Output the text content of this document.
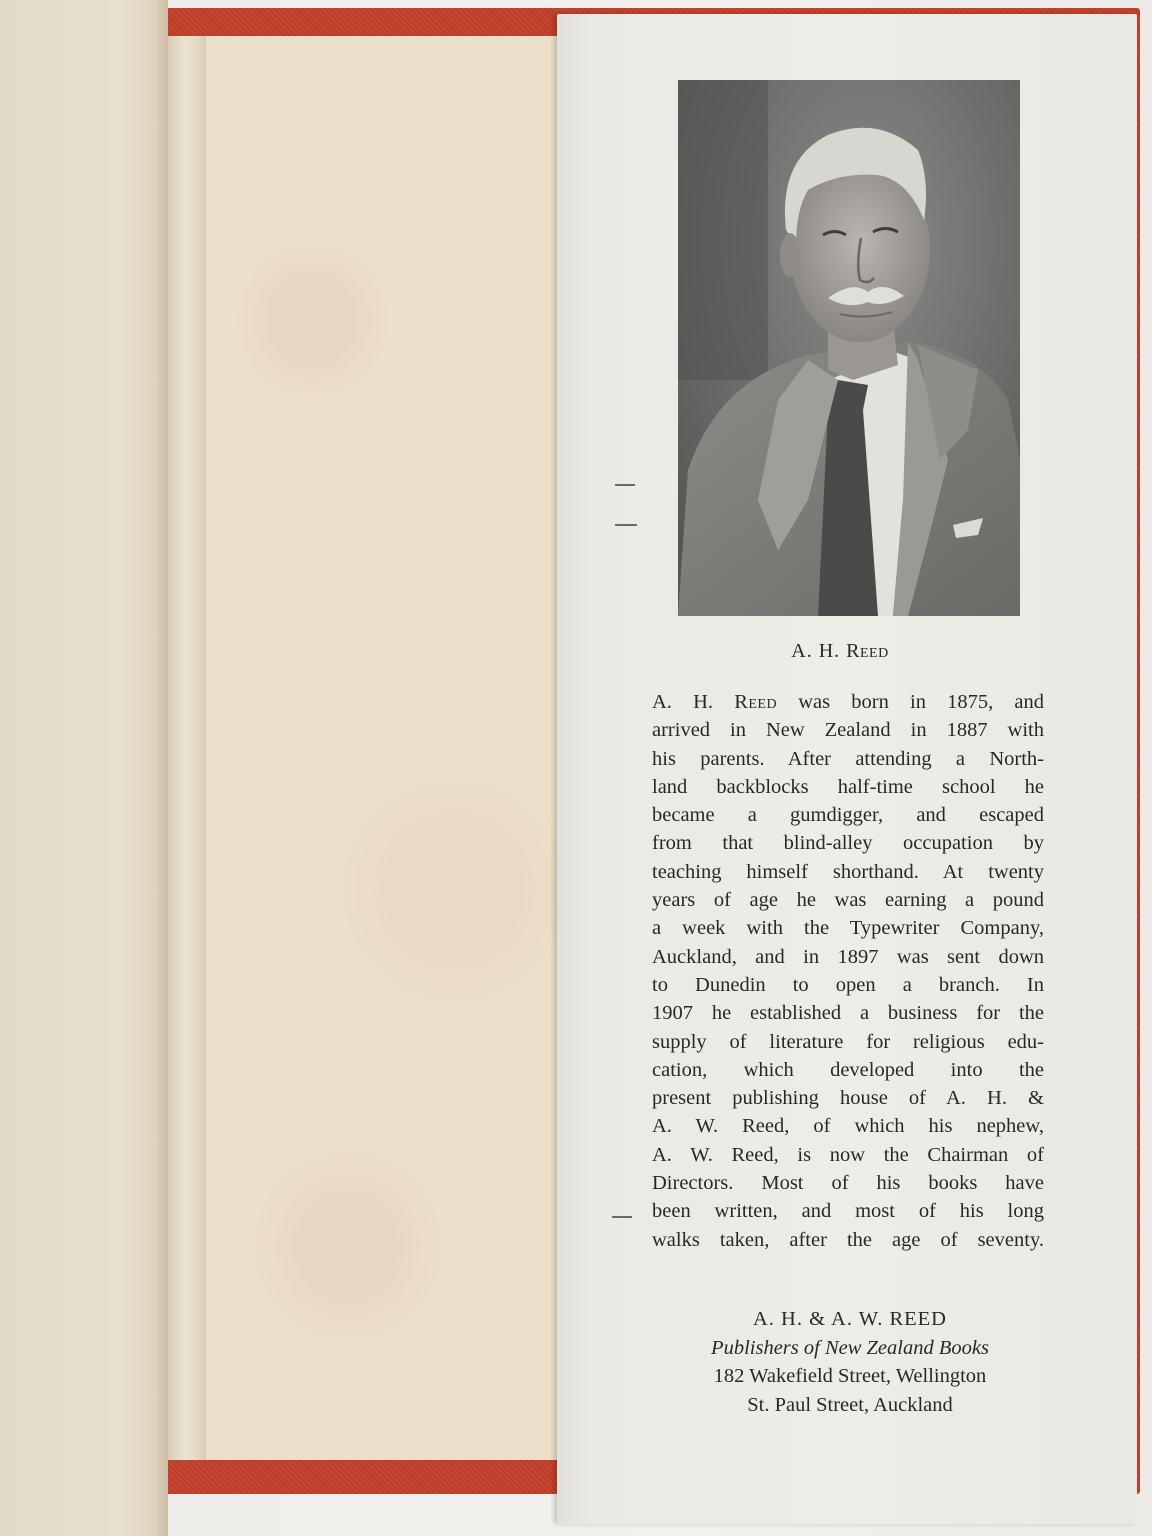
A. H. Reed
A. H. Reed was born in 1875, and
arrived in New Zealand in 1887 with
his parents. After attending a North-
land backblocks half-time school he
became a gumdigger, and escaped
from that blind-alley occupation by
teaching himself shorthand. At twenty
years of age he was earning a pound
a week with the Typewriter Company,
Auckland, and in 1897 was sent down
to Dunedin to open a branch. In
1907 he established a business for the
supply of literature for religious edu-
cation, which developed into the
present publishing house of A. H. &
A. W. Reed, of which his nephew,
A. W. Reed, is now the Chairman of
Directors. Most of his books have
been written, and most of his long
walks taken, after the age of seventy.
A. H. & A. W. REED
Publishers of New Zealand Books
182 Wakefield Street, Wellington
St. Paul Street, Auckland
